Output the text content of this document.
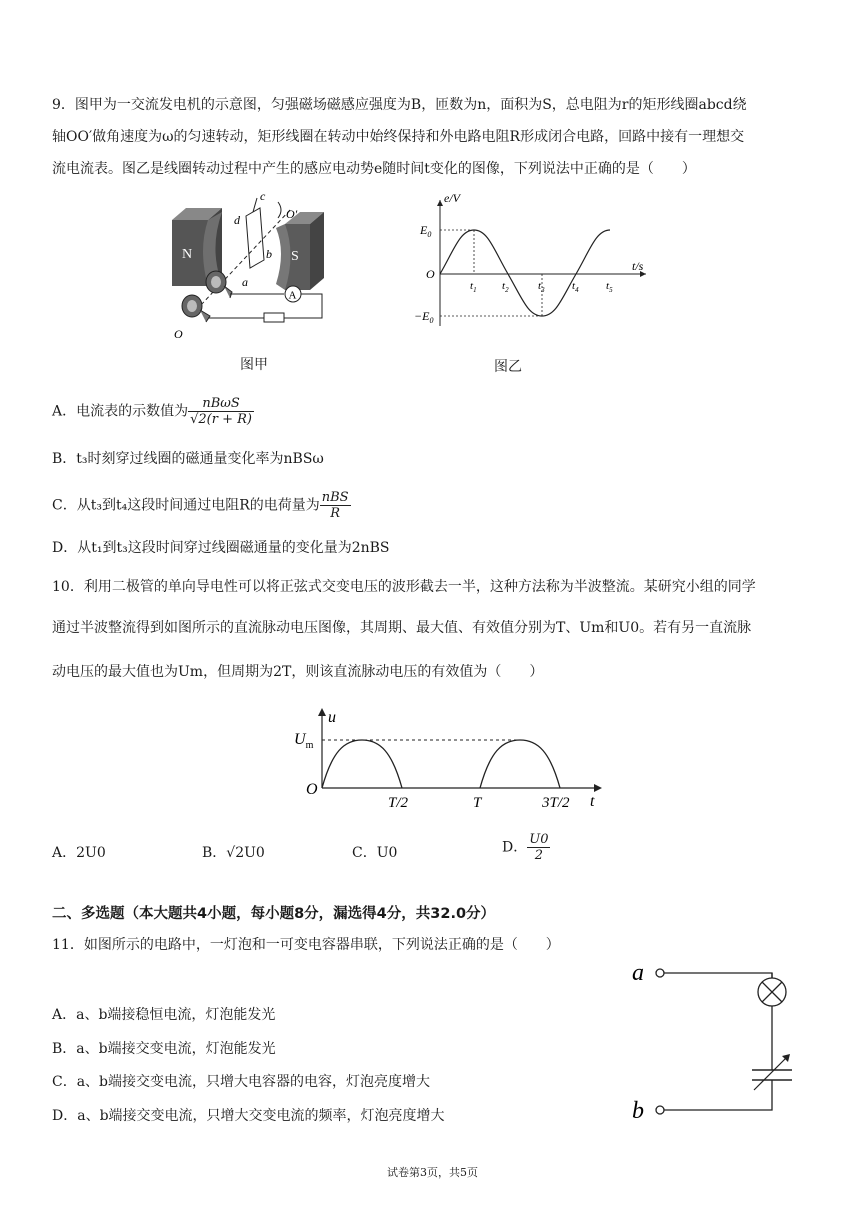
9．图甲为一交流发电机的示意图，匀强磁场磁感应强度为B，匝数为n，面积为S，总电阻为r的矩形线圈abcd绕
轴OO′做角速度为ω的匀速转动，矩形线圈在转动中始终保持和外电路电阻R形成闭合电路，回路中接有一理想交
流电流表。图乙是线圈转动过程中产生的感应电动势e随时间t变化的图像，下列说法中正确的是（　　）
N	S
c
d
b
a
O′
A
O
图甲
e/V
t/s
O
$E_0$
$-E_0$
$t_1$ $t_2$	$t_3$ $t_4$ $t_5$
图乙
A．电流表的示数值为 $\frac{\text{nBωS}}{√2(r + R)}$
B．t₃时刻穿过线圈的磁通量变化率为nBSω
C．从t₃到t₄这段时间通过电阻R的电荷量为 $\frac{\text{nBS}}{R}$
D．从t₁到t₃这段时间穿过线圈磁通量的变化量为2nBS
10．利用二极管的单向导电性可以将正弦式交变电压的波形截去一半，这种方法称为半波整流。某研究小组的同学
通过半波整流得到如图所示的直流脉动电压图像，其周期、最大值、有效值分别为T、Um和U0。若有另一直流脉
动电压的最大值也为Um，但周期为2T，则该直流脉动电压的有效值为（　　）
u
t
O
$U_m$
T/2	T	3T/2
A．2U0	B．√2U0	C．U0	D． $\frac{U0}{2}$
二、多选题（本大题共4小题，每小题8分，漏选得4分，共32.0分）
11．如图所示的电路中，一灯泡和一可变电容器串联，下列说法正确的是（　　）
A．a、b端接稳恒电流，灯泡能发光
B．a、b端接交变电流，灯泡能发光
C．a、b端接交变电流，只增大电容器的电容，灯泡亮度增大
D．a、b端接交变电流，只增大交变电流的频率，灯泡亮度增大
a
b
试卷第3页，共5页
